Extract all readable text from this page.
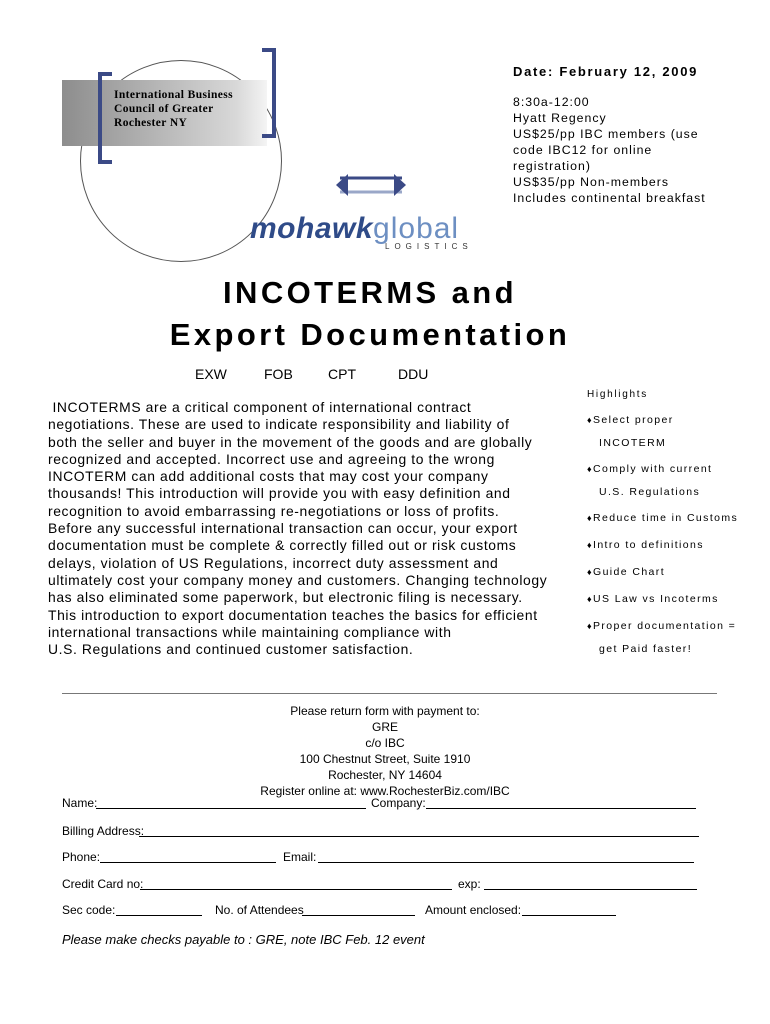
International Business
Council of Greater
Rochester NY
mohawkglobal
LOGISTICS
Date: February 12, 2009
8:30a-12:00
Hyatt Regency
US$25/pp IBC members (use
code IBC12 for online
registration)
US$35/pp Non-members
Includes continental breakfast
INCOTERMS and
Export Documentation
EXW	FOB	CPT	DDU
INCOTERMS are a critical component of international contract
negotiations. These are used to indicate responsibility and liability of
both the seller and buyer in the movement of the goods and are globally
recognized and accepted. Incorrect use and agreeing to the wrong
INCOTERM can add additional costs that may cost your company
thousands! This introduction will provide you with easy definition and
recognition to avoid embarrassing re-negotiations or loss of profits.
Before any successful international transaction can occur, your export
documentation must be complete & correctly filled out or risk customs
delays, violation of US Regulations, incorrect duty assessment and
ultimately cost your company money and customers. Changing technology
has also eliminated some paperwork, but electronic filing is necessary.
This introduction to export documentation teaches the basics for efficient
international transactions while maintaining compliance with
U.S. Regulations and continued customer satisfaction.
Highlights
♦Select proper
INCOTERM
♦Comply with current
U.S. Regulations
♦Reduce time in Customs
♦Intro to definitions
♦Guide Chart
♦US Law vs Incoterms
♦Proper documentation =
get Paid faster!
Please return form with payment to:
GRE
c/o IBC
100 Chestnut Street, Suite 1910
Rochester, NY 14604
Register online at: www.RochesterBiz.com/IBC
Name:	Company:
Billing Address:
Phone:	Email:
Credit Card no:	exp:
Sec code:	No. of Attendees	Amount enclosed:
Please make checks payable to : GRE, note IBC Feb. 12 event
